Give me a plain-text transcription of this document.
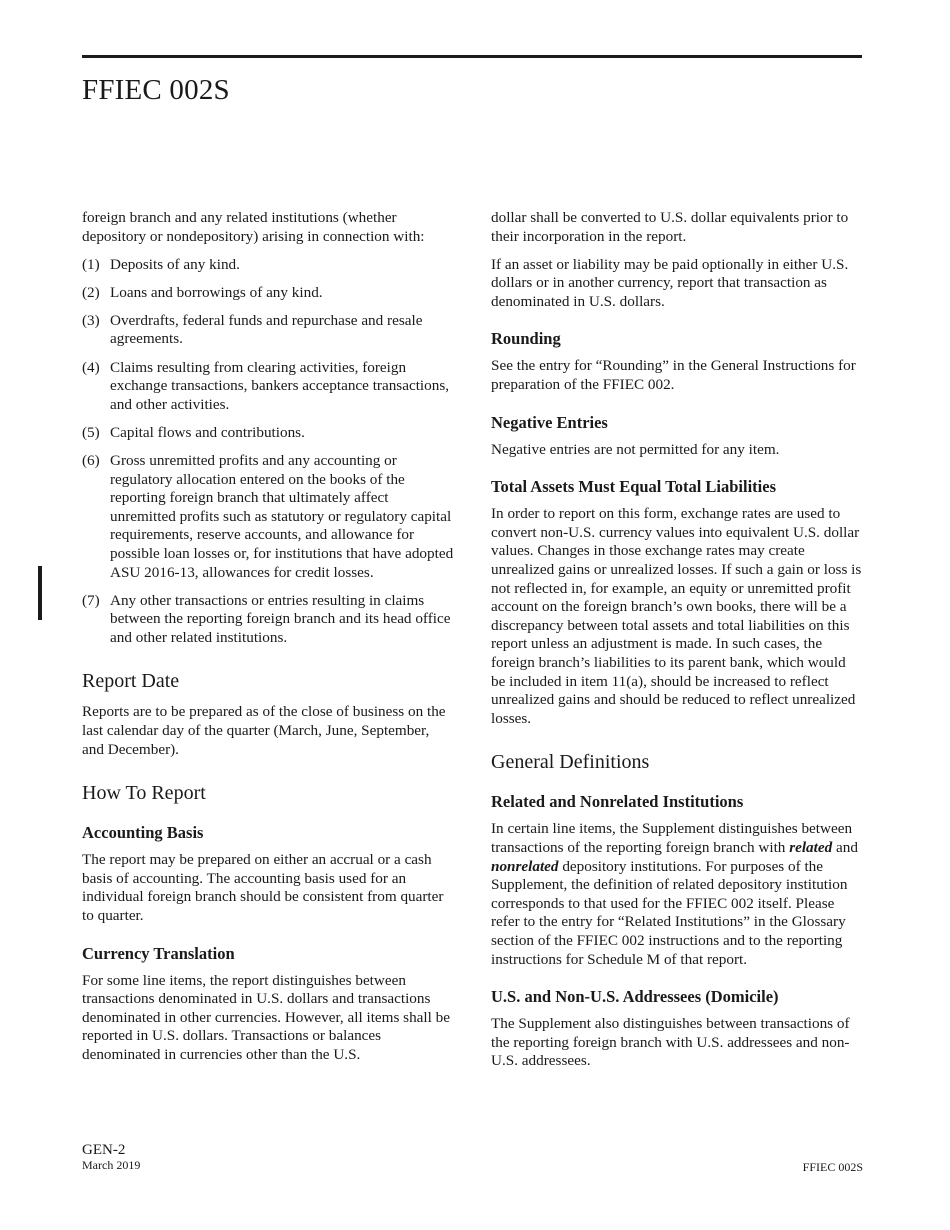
FFIEC 002S

foreign branch and any related institutions (whether depository or nondepository) arising in connection with:

(1) Deposits of any kind.
(2) Loans and borrowings of any kind.
(3) Overdrafts, federal funds and repurchase and resale agreements.
(4) Claims resulting from clearing activities, foreign exchange transactions, bankers acceptance transactions, and other activities.
(5) Capital flows and contributions.
(6) Gross unremitted profits and any accounting or regulatory allocation entered on the books of the reporting foreign branch that ultimately affect unremitted profits such as statutory or regulatory capital requirements, reserve accounts, and allowance for possible loan losses or, for institutions that have adopted ASU 2016-13, allowances for credit losses.
(7) Any other transactions or entries resulting in claims between the reporting foreign branch and its head office and other related institutions.
Report Date

Reports are to be prepared as of the close of business on the last calendar day of the quarter (March, June, September, and December).

How To Report
Accounting Basis

The report may be prepared on either an accrual or a cash basis of accounting. The accounting basis used for an individual foreign branch should be consistent from quarter to quarter.

Currency Translation

For some line items, the report distinguishes between transactions denominated in U.S. dollars and transactions denominated in other currencies. However, all items shall be reported in U.S. dollars. Transactions or balances denominated in currencies other than the U.S.

dollar shall be converted to U.S. dollar equivalents prior to their incorporation in the report.

If an asset or liability may be paid optionally in either U.S. dollars or in another currency, report that transaction as denominated in U.S. dollars.

Rounding

See the entry for “Rounding” in the General Instructions for preparation of the FFIEC 002.

Negative Entries

Negative entries are not permitted for any item.

Total Assets Must Equal Total Liabilities

In order to report on this form, exchange rates are used to convert non-U.S. currency values into equivalent U.S. dollar values. Changes in those exchange rates may create unrealized gains or unrealized losses. If such a gain or loss is not reflected in, for example, an equity or unremitted profit account on the foreign branch’s own books, there will be a discrepancy between total assets and total liabilities on this report unless an adjustment is made. In such cases, the foreign branch’s liabilities to its parent bank, which would be included in item 11(a), should be increased to reflect unrealized gains and should be reduced to reflect unrealized losses.

General Definitions
Related and Nonrelated Institutions

In certain line items, the Supplement distinguishes between transactions of the reporting foreign branch with related and nonrelated depository institutions. For purposes of the Supplement, the definition of related depository institution corresponds to that used for the FFIEC 002 itself. Please refer to the entry for “Related Institutions” in the Glossary section of the FFIEC 002 instructions and to the reporting instructions for Schedule M of that report.

U.S. and Non-U.S. Addressees (Domicile)

The Supplement also distinguishes between transactions of the reporting foreign branch with U.S. addressees and non-U.S. addressees.

GEN-2
March 2019	FFIEC 002S
